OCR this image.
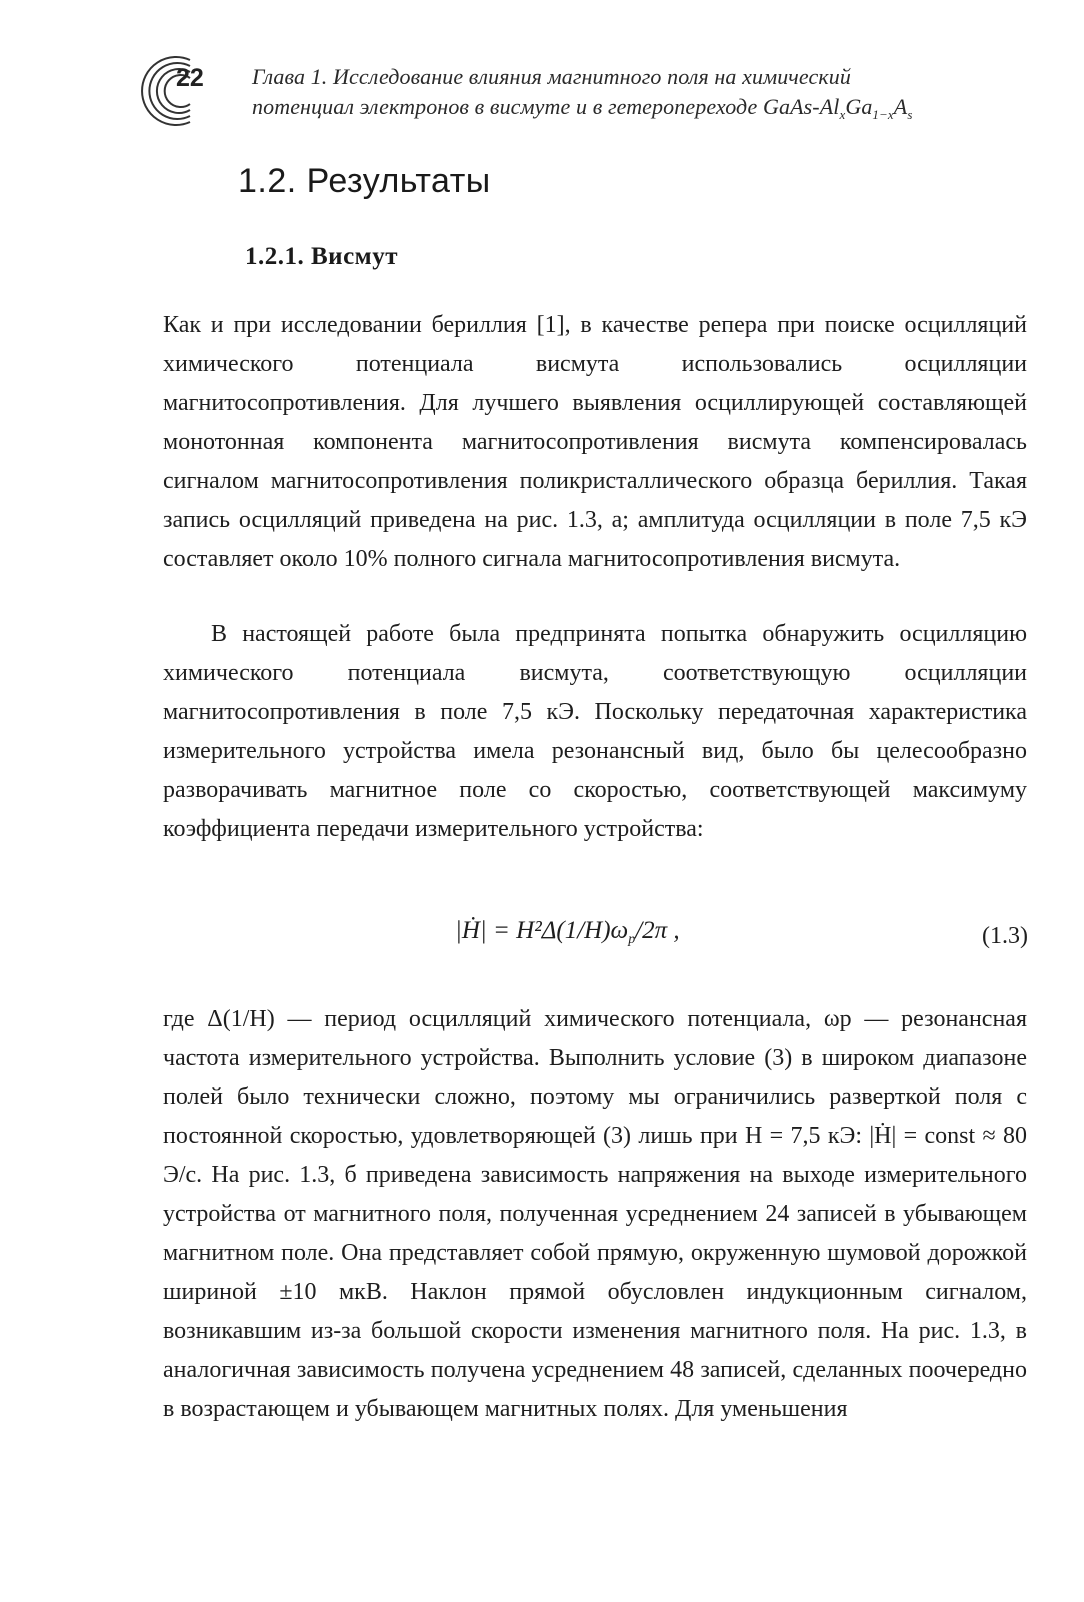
22 Глава 1. Исследование влияния магнитного поля на химический
потенциал электронов в висмуте и в гетеропереходе GaAs-$Al_xGa_{1-x}A_s$
1.2. Результаты
1.2.1. Висмут

Как и при исследовании бериллия [1], в качестве репера при поиске осцилляций химического потенциала висмута использовались осцилляции магнитосопротивления. Для лучшего выявления осциллирующей составляющей монотонная компонента магнитосопротивления висмута компенсировалась сигналом магнитосопротивления поликристаллического образца бериллия. Такая запись осцилляций приведена на рис. 1.3, а; амплитуда осцилляции в поле 7,5 кЭ составляет около 10% полного сигнала магнитосопротивления висмута.

В настоящей работе была предпринята попытка обнаружить осцилляцию химического потенциала висмута, соответствующую осцилляции магнитосопротивления в поле 7,5 кЭ. Поскольку передаточная характеристика измерительного устройства имела резонансный вид, было бы целесообразно разворачивать магнитное поле со скоростью, соответствующей максимуму коэффициента передачи измерительного устройства:

|Ḣ| = $H^2\Delta(1/H)\omega_p/2\pi$ ,	(1.3)

где Δ(1/H) — период осцилляций химического потенциала, ωp — резонансная частота измерительного устройства. Выполнить условие (3) в широком диапазоне полей было технически сложно, поэтому мы ограничились разверткой поля с постоянной скоростью, удовлетворяющей (3) лишь при H = 7,5 кЭ: |Ḣ| = const ≈ 80 Э/с. На рис. 1.3, б приведена зависимость напряжения на выходе измерительного устройства от магнитного поля, полученная усреднением 24 записей в убывающем магнитном поле. Она представляет собой прямую, окруженную шумовой дорожкой шириной ±10 мкВ. Наклон прямой обусловлен индукционным сигналом, возникавшим из-за большой скорости изменения магнитного поля. На рис. 1.3, в аналогичная зависимость получена усреднением 48 записей, сделанных поочередно в возрастающем и убывающем магнитных полях. Для уменьшения
